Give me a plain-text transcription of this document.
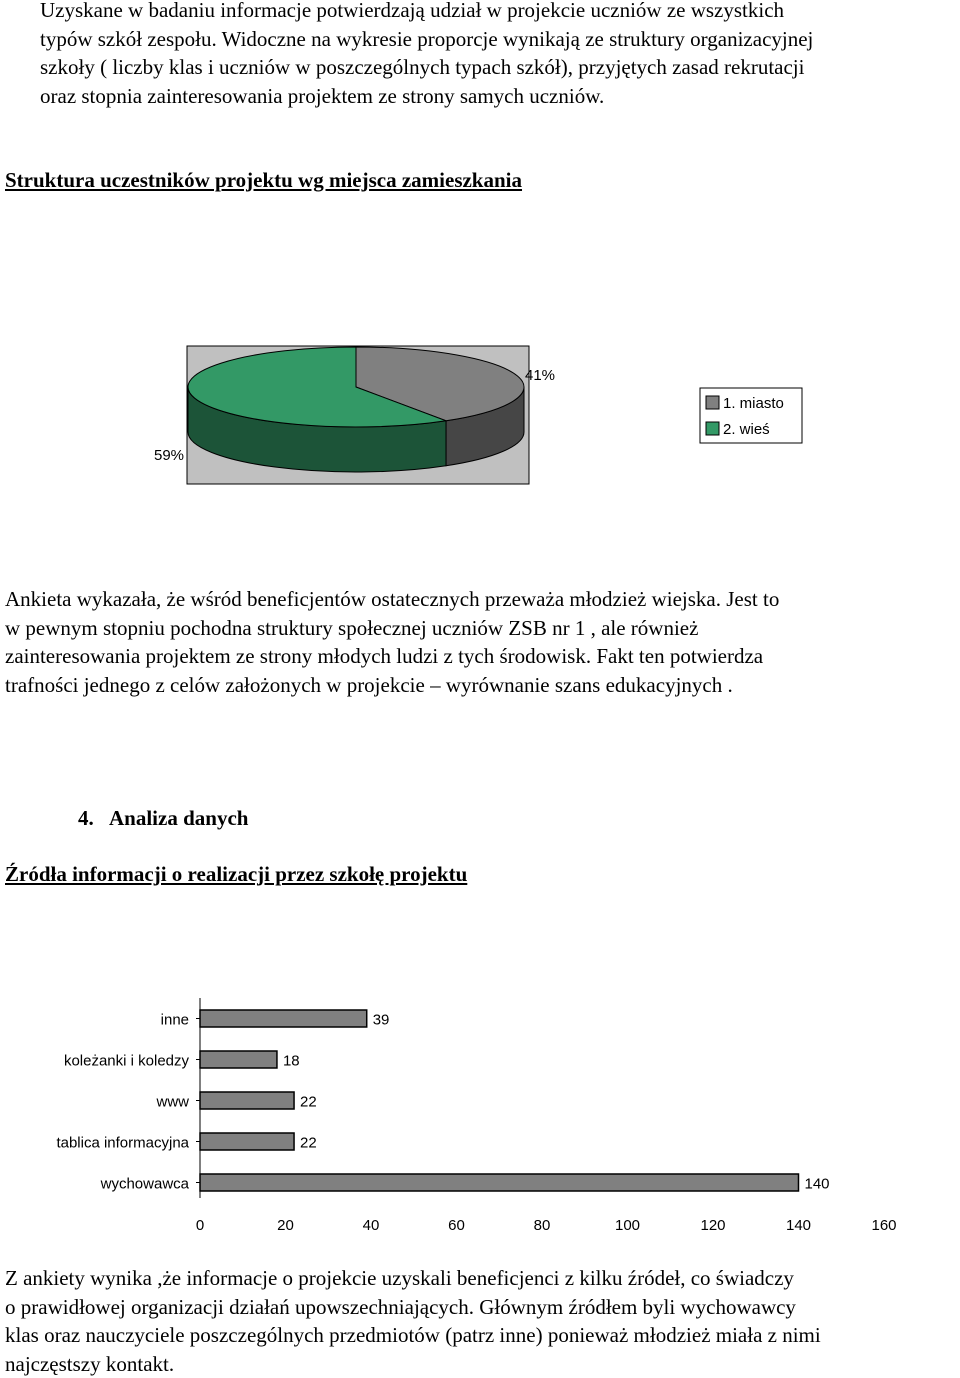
Uzyskane w badaniu informacje potwierdzają udział w projekcie uczniów ze wszystkich
typów szkół zespołu. Widoczne na wykresie proporcje wynikają ze struktury organizacyjnej
szkoły ( liczby klas i uczniów w poszczególnych typach szkół), przyjętych zasad rekrutacji
oraz stopnia zainteresowania projektem ze strony samych uczniów.

Struktura uczestników projektu wg miejsca zamieszkania
41%
59%
1. miasto
2. wieś

Ankieta wykazała, że wśród beneficjentów ostatecznych przeważa młodzież wiejska. Jest to
w pewnym stopniu pochodna struktury społecznej uczniów ZSB nr 1 , ale również
zainteresowania projektem ze strony młodych ludzi z tych środowisk. Fakt ten potwierdza
trafności jednego z celów założonych w projekcie – wyrównanie szans edukacyjnych .

4. Analiza danych
Źródła informacji o realizacji przez szkołę projektu
inne
koleżanki i koledzy
www
tablica informacyjna
wychowawca
39
18
22
22
140
0	20	40	60	80	100	120	140	160

Z ankiety wynika ,że informacje o projekcie uzyskali beneficjenci z kilku źródeł, co świadczy
o prawidłowej organizacji działań upowszechniających. Głównym źródłem byli wychowawcy
klas oraz nauczyciele poszczególnych przedmiotów (patrz inne) ponieważ młodzież miała z nimi
najczęstszy kontakt.
